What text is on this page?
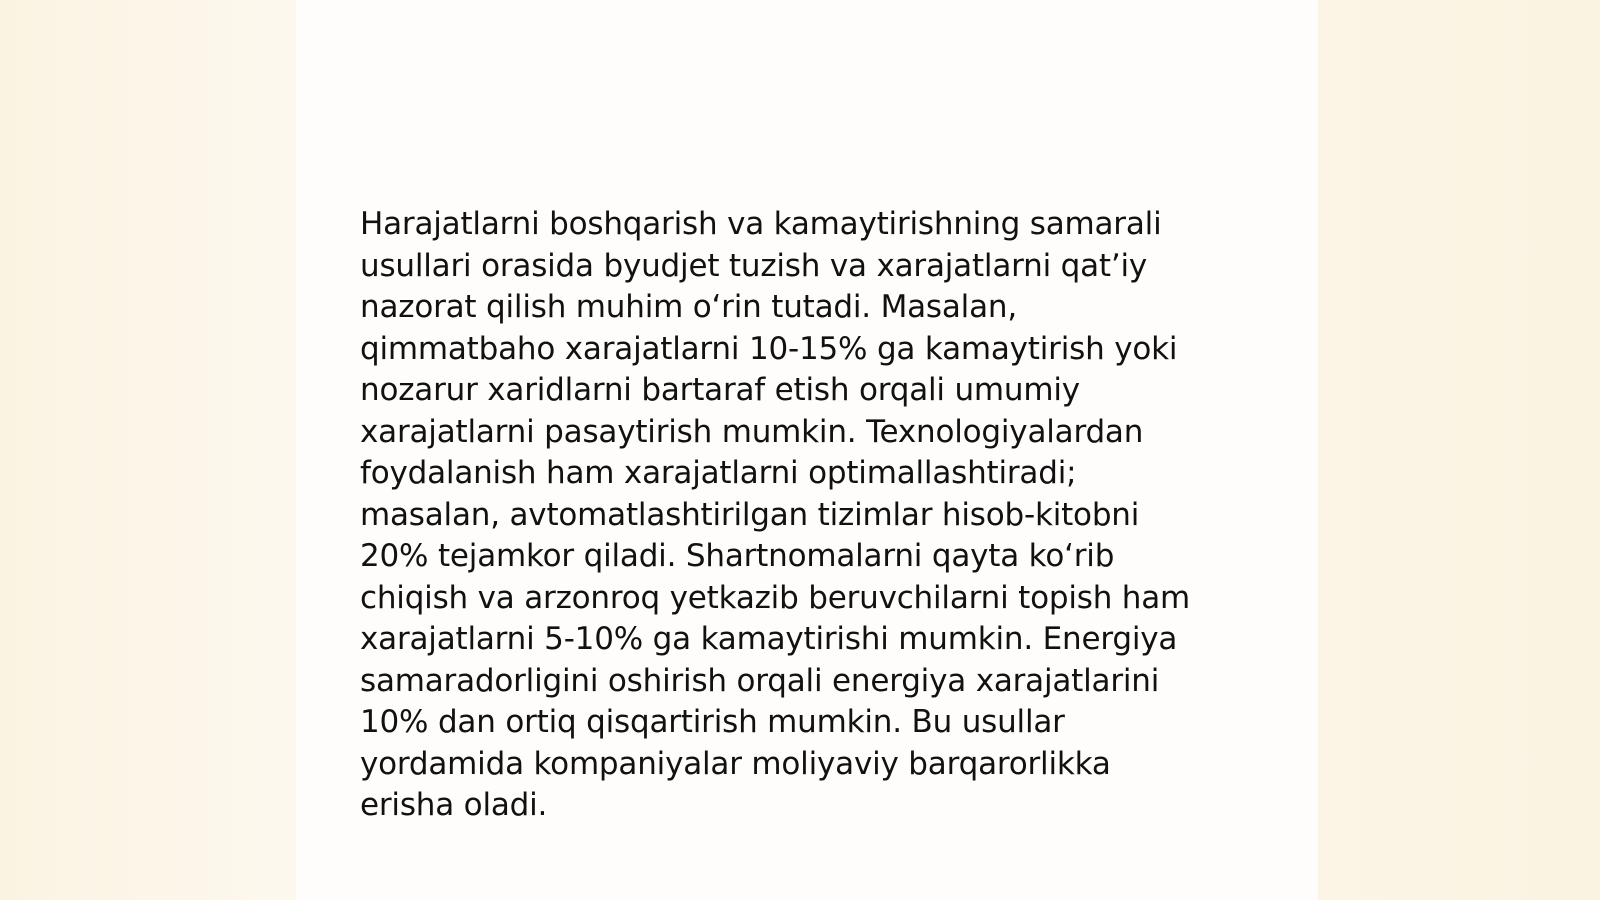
Harajatlarni boshqarish va kamaytirishning samarali
usullari orasida byudjet tuzish va xarajatlarni qat’iy
nazorat qilish muhim o‘rin tutadi. Masalan,
qimmatbaho xarajatlarni 10-15% ga kamaytirish yoki
nozarur xaridlarni bartaraf etish orqali umumiy
xarajatlarni pasaytirish mumkin. Texnologiyalardan
foydalanish ham xarajatlarni optimallashtiradi;
masalan, avtomatlashtirilgan tizimlar hisob-kitobni
20% tejamkor qiladi. Shartnomalarni qayta ko‘rib
chiqish va arzonroq yetkazib beruvchilarni topish ham
xarajatlarni 5-10% ga kamaytirishi mumkin. Energiya
samaradorligini oshirish orqali energiya xarajatlarini
10% dan ortiq qisqartirish mumkin. Bu usullar
yordamida kompaniyalar moliyaviy barqarorlikka
erisha oladi.
